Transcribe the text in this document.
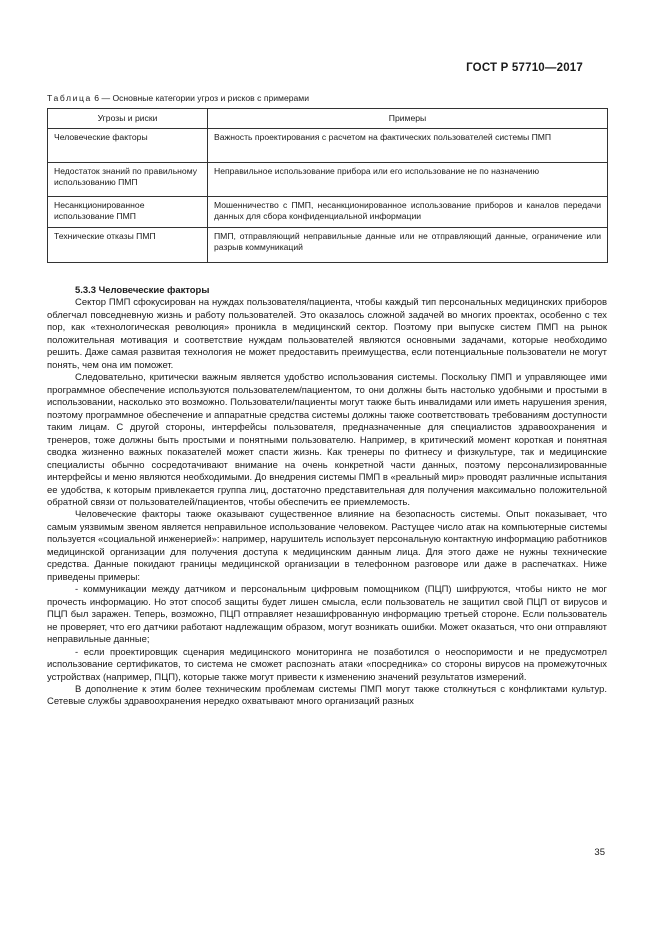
ГОСТ Р 57710—2017
Таблица 6 — Основные категории угроз и рисков с примерами
Угрозы и риски	Примеры
Человеческие факторы	Важность проектирования с расчетом на фактических пользователей системы ПМП
Недостаток знаний по правильному использованию ПМП	Неправильное использование прибора или его использование не по назначению
Несанкционированное использование ПМП	Мошенничество с ПМП, несанкционированное использование приборов и каналов передачи данных для сбора конфиденциальной информации
Технические отказы ПМП	ПМП, отправляющий неправильные данные или не отправляющий данные, ограничение или разрыв коммуникаций
5.3.3 Человеческие факторы

Сектор ПМП сфокусирован на нуждах пользователя/пациента, чтобы каждый тип персональных медицинских приборов облегчал повседневную жизнь и работу пользователей. Это оказалось сложной задачей во многих проектах, особенно с тех пор, как «технологическая революция» проникла в медицинский сектор. Поэтому при выпуске систем ПМП на рынок положительная мотивация и соответствие нуждам пользователей являются основными задачами, которые необходимо решить. Даже самая развитая технология не может предоставить преимущества, если потенциальные пользователи не могут понять, чем она им поможет.

Следовательно, критически важным является удобство использования системы. Поскольку ПМП и управляющее ими программное обеспечение используются пользователем/пациентом, то они должны быть настолько удобными и простыми в использовании, насколько это возможно. Пользователи/пациенты могут также быть инвалидами или иметь нарушения зрения, поэтому программное обеспечение и аппаратные средства системы должны также соответствовать требованиям доступности таким лицам. С другой стороны, интерфейсы пользователя, предназначенные для специалистов здравоохранения и тренеров, тоже должны быть простыми и понятными пользователю. Например, в критический момент короткая и понятная сводка жизненно важных показателей может спасти жизнь. Как тренеры по фитнесу и физкультуре, так и медицинские специалисты обычно сосредотачивают внимание на очень конкретной части данных, поэтому персонализированные интерфейсы и меню являются необходимыми. До внедрения системы ПМП в «реальный мир» проводят различные испытания ее удобства, к которым привлекается группа лиц, достаточно представительная для получения максимально положительной обратной связи от пользователей/пациентов, чтобы обеспечить ее приемлемость.

Человеческие факторы также оказывают существенное влияние на безопасность системы. Опыт показывает, что самым уязвимым звеном является неправильное использование человеком. Растущее число атак на компьютерные системы пользуется «социальной инженерией»: например, нарушитель использует персональную контактную информацию работников медицинской организации для получения доступа к медицинским данным лица. Для этого даже не нужны технические средства. Данные покидают границы медицинской организации в телефонном разговоре или даже в распечатках. Ниже приведены примеры:

- коммуникации между датчиком и персональным цифровым помощником (ПЦП) шифруются, чтобы никто не мог прочесть информацию. Но этот способ защиты будет лишен смысла, если пользователь не защитил свой ПЦП от вирусов и ПЦП был заражен. Теперь, возможно, ПЦП отправляет незашифрованную информацию третьей стороне. Если пользователь не проверяет, что его датчики работают надлежащим образом, могут возникать ошибки. Может оказаться, что они отправляют неправильные данные;

- если проектировщик сценария медицинского мониторинга не позаботился о неоспоримости и не предусмотрел использование сертификатов, то система не сможет распознать атаки «посредника» со стороны вирусов на промежуточных устройствах (например, ПЦП), которые также могут привести к изменению значений результатов измерений.

В дополнение к этим более техническим проблемам системы ПМП могут также столкнуться с конфликтами культур. Сетевые службы здравоохранения нередко охватывают много организаций разных

35
